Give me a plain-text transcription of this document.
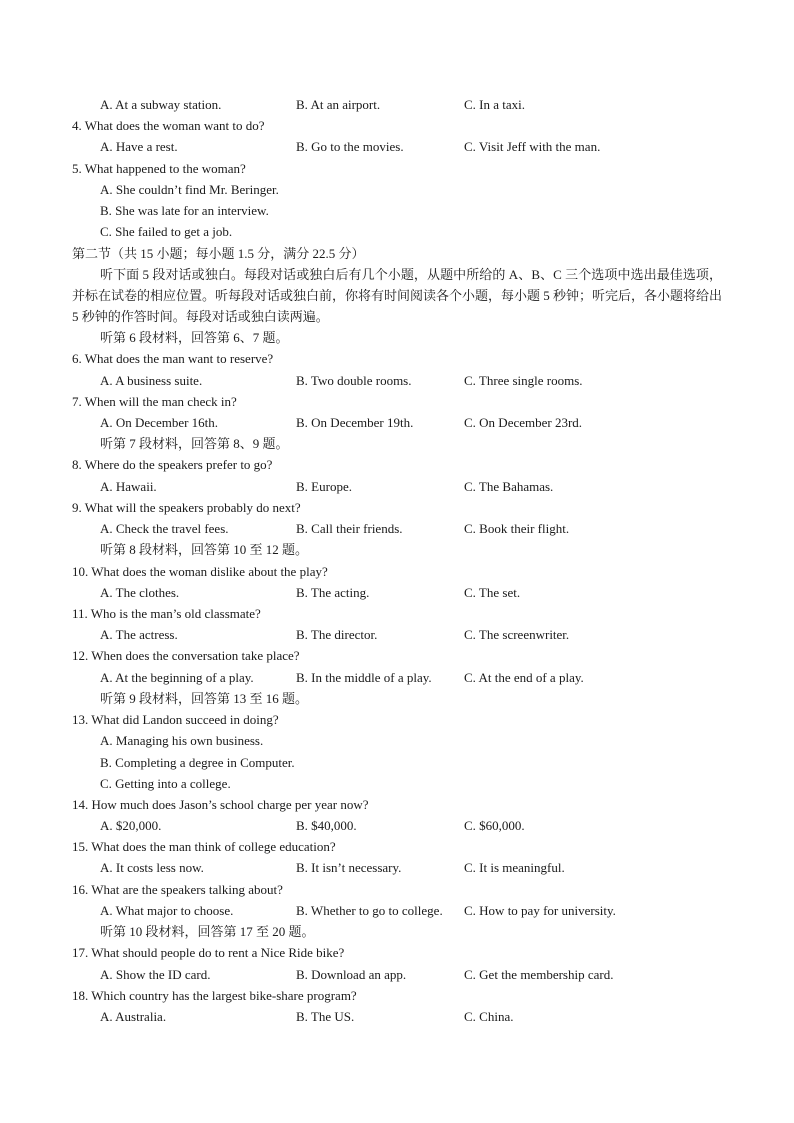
A. At a subway station.	B. At an airport.	C. In a taxi.
4. What does the woman want to do?
A. Have a rest.	B. Go to the movies.	C. Visit Jeff with the man.
5. What happened to the woman?
A. She couldn’t find Mr. Beringer.
B. She was late for an interview.
C. She failed to get a job.
第二节（共 15 小题；每小题 1.5 分，满分 22.5 分）
听下面 5 段对话或独白。每段对话或独白后有几个小题，从题中所给的 A、B、C 三个选项中选出最佳选项，并标在试卷的相应位置。听每段对话或独白前，你将有时间阅读各个小题，每小题 5 秒钟；听完后，各小题将给出 5 秒钟的作答时间。每段对话或独白读两遍。
听第 6 段材料，回答第 6、7 题。
6. What does the man want to reserve?
A. A business suite.	B. Two double rooms.	C. Three single rooms.
7. When will the man check in?
A. On December 16th.	B. On December 19th.	C. On December 23rd.
听第 7 段材料，回答第 8、9 题。
8. Where do the speakers prefer to go?
A. Hawaii.	B. Europe.	C. The Bahamas.
9. What will the speakers probably do next?
A. Check the travel fees.	B. Call their friends.	C. Book their flight.
听第 8 段材料，回答第 10 至 12 题。
10. What does the woman dislike about the play?
A. The clothes.	B. The acting.	C. The set.
11. Who is the man’s old classmate?
A. The actress.	B. The director.	C. The screenwriter.
12. When does the conversation take place?
A. At the beginning of a play.	B. In the middle of a play. C. At the end of a play.
听第 9 段材料，回答第 13 至 16 题。
13. What did Landon succeed in doing?
A. Managing his own business.
B. Completing a degree in Computer.
C. Getting into a college.
14. How much does Jason’s school charge per year now?
A. $20,000.	B. $40,000.	C. $60,000.
15. What does the man think of college education?
A. It costs less now.	B. It isn’t necessary.	C. It is meaningful.
16. What are the speakers talking about?
A. What major to choose.	B. Whether to go to college. C. How to pay for university.
听第 10 段材料，回答第 17 至 20 题。
17. What should people do to rent a Nice Ride bike?
A. Show the ID card.	B. Download an app.	C. Get the membership card.
18. Which country has the largest bike-share program?
A. Australia.	B. The US.	C. China.
